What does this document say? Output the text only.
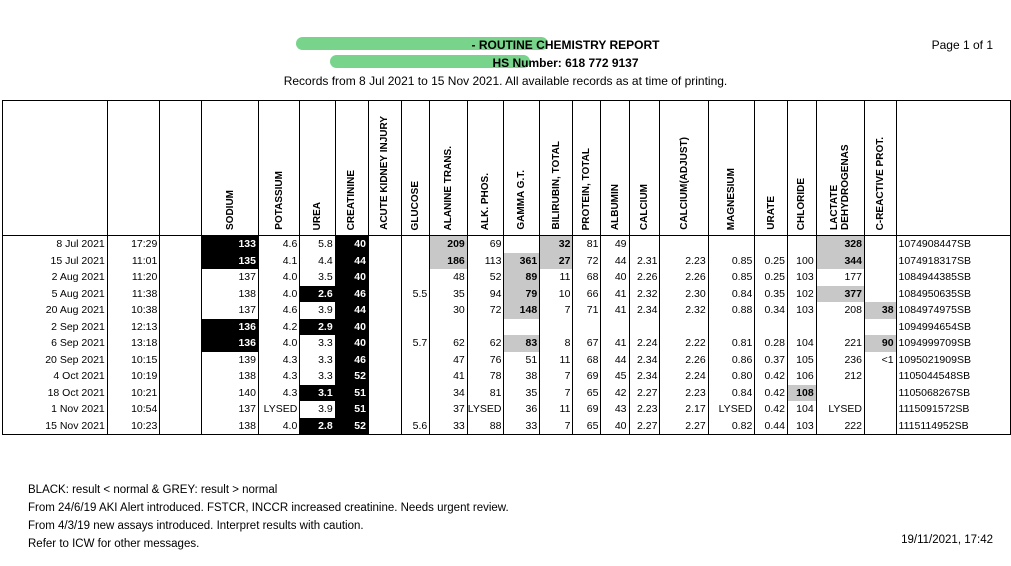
- ROUTINE CHEMISTRY REPORT
HS Number: 618 772 9137
Records from 8 Jul 2021 to 15 Nov 2021. All available records as at time of printing.
Page 1 of 1
			SODIUM	POTASSIUM	UREA	CREATININE	ACUTE KIDNEY INJURY	GLUCOSE	ALANINE TRANS.	ALK. PHOS.	GAMMA G.T.	BILIRUBIN, TOTAL	PROTEIN, TOTAL	ALBUMIN	CALCIUM	CALCIUM(ADJUST)	MAGNESIUM	URATE	CHLORIDE	LACTATE DEHYDROGENAS	C-REACTIVE PROT.	
8 Jul 2021	17:29		133	4.6	5.8	40			209	69		32	81	49						328		1074908447SB
15 Jul 2021	11:01		135	4.1	4.4	44			186	113	361	27	72	44	2.31	2.23	0.85	0.25	100	344		1074918317SB
2 Aug 2021	11:20		137	4.0	3.5	40			48	52	89	11	68	40	2.26	2.26	0.85	0.25	103	177		1084944385SB
5 Aug 2021	11:38		138	4.0	2.6	46		5.5	35	94	79	10	66	41	2.32	2.30	0.84	0.35	102	377		1084950635SB
20 Aug 2021	10:38		137	4.6	3.9	44			30	72	148	7	71	41	2.34	2.32	0.88	0.34	103	208	38	1084974975SB
2 Sep 2021	12:13		136	4.2	2.9	40																1094994654SB
6 Sep 2021	13:18		136	4.0	3.3	40		5.7	62	62	83	8	67	41	2.24	2.22	0.81	0.28	104	221	90	1094999709SB
20 Sep 2021	10:15		139	4.3	3.3	46			47	76	51	11	68	44	2.34	2.26	0.86	0.37	105	236	<1	1095021909SB
4 Oct 2021	10:19		138	4.3	3.3	52			41	78	38	7	69	45	2.34	2.24	0.80	0.42	106	212		1105044548SB
18 Oct 2021	10:21		140	4.3	3.1	51			34	81	35	7	65	42	2.27	2.23	0.84	0.42	108			1105068267SB
1 Nov 2021	10:54		137	LYSED	3.9	51			37	LYSED	36	11	69	43	2.23	2.17	LYSED	0.42	104	LYSED		1115091572SB
15 Nov 2021	10:23		138	4.0	2.8	52		5.6	33	88	33	7	65	40	2.27	2.27	0.82	0.44	103	222		1115114952SB
BLACK: result < normal & GREY: result > normal
From 24/6/19 AKI Alert introduced. FSTCR, INCCR increased creatinine. Needs urgent review.
From 4/3/19 new assays introduced. Interpret results with caution.
Refer to ICW for other messages.	19/11/2021, 17:42
